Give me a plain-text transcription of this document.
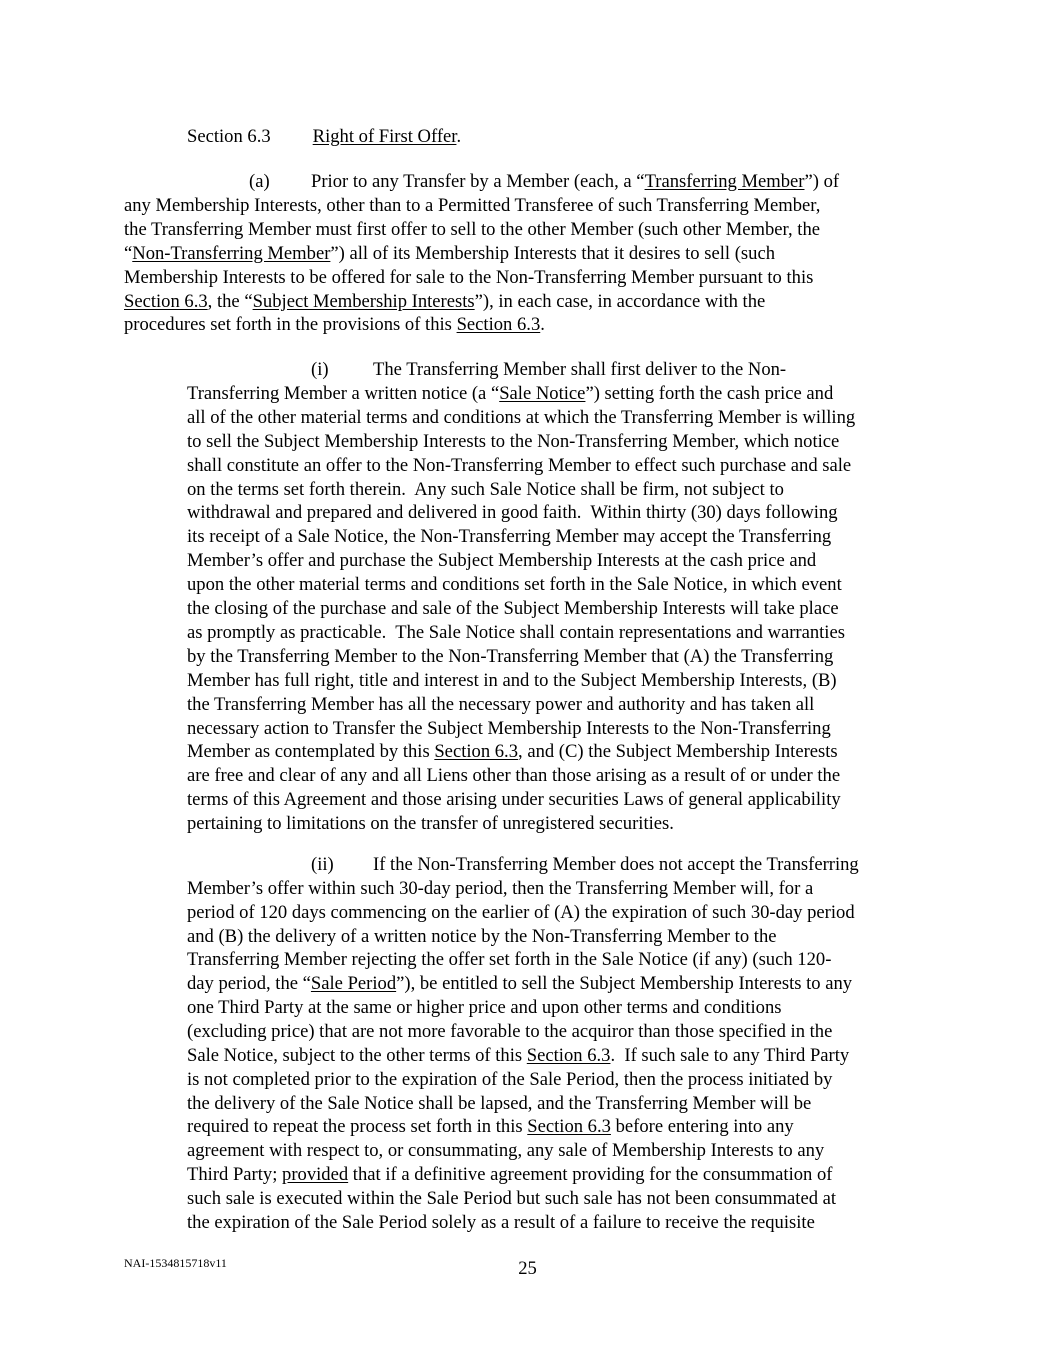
Section 6.3 Right of First Offer.

(a) Prior to any Transfer by a Member (each, a “Transferring Member”) of

any Membership Interests, other than to a Permitted Transferee of such Transferring Member,

the Transferring Member must first offer to sell to the other Member (such other Member, the

“Non-Transferring Member”) all of its Membership Interests that it desires to sell (such

Membership Interests to be offered for sale to the Non-Transferring Member pursuant to this

Section 6.3, the “Subject Membership Interests”), in each case, in accordance with the

procedures set forth in the provisions of this Section 6.3.

(i) The Transferring Member shall first deliver to the Non-

Transferring Member a written notice (a “Sale Notice”) setting forth the cash price and

all of the other material terms and conditions at which the Transferring Member is willing

to sell the Subject Membership Interests to the Non-Transferring Member, which notice

shall constitute an offer to the Non-Transferring Member to effect such purchase and sale

on the terms set forth therein.  Any such Sale Notice shall be firm, not subject to

withdrawal and prepared and delivered in good faith.  Within thirty (30) days following

its receipt of a Sale Notice, the Non-Transferring Member may accept the Transferring

Member’s offer and purchase the Subject Membership Interests at the cash price and

upon the other material terms and conditions set forth in the Sale Notice, in which event

the closing of the purchase and sale of the Subject Membership Interests will take place

as promptly as practicable.  The Sale Notice shall contain representations and warranties

by the Transferring Member to the Non-Transferring Member that (A) the Transferring

Member has full right, title and interest in and to the Subject Membership Interests, (B)

the Transferring Member has all the necessary power and authority and has taken all

necessary action to Transfer the Subject Membership Interests to the Non-Transferring

Member as contemplated by this Section 6.3, and (C) the Subject Membership Interests

are free and clear of any and all Liens other than those arising as a result of or under the

terms of this Agreement and those arising under securities Laws of general applicability

pertaining to limitations on the transfer of unregistered securities.

(ii) If the Non-Transferring Member does not accept the Transferring

Member’s offer within such 30-day period, then the Transferring Member will, for a

period of 120 days commencing on the earlier of (A) the expiration of such 30-day period

and (B) the delivery of a written notice by the Non-Transferring Member to the

Transferring Member rejecting the offer set forth in the Sale Notice (if any) (such 120-

day period, the “Sale Period”), be entitled to sell the Subject Membership Interests to any

one Third Party at the same or higher price and upon other terms and conditions

(excluding price) that are not more favorable to the acquiror than those specified in the

Sale Notice, subject to the other terms of this Section 6.3.  If such sale to any Third Party

is not completed prior to the expiration of the Sale Period, then the process initiated by

the delivery of the Sale Notice shall be lapsed, and the Transferring Member will be

required to repeat the process set forth in this Section 6.3 before entering into any

agreement with respect to, or consummating, any sale of Membership Interests to any

Third Party; provided that if a definitive agreement providing for the consummation of

such sale is executed within the Sale Period but such sale has not been consummated at

the expiration of the Sale Period solely as a result of a failure to receive the requisite

NAI-1534815718v11	25
